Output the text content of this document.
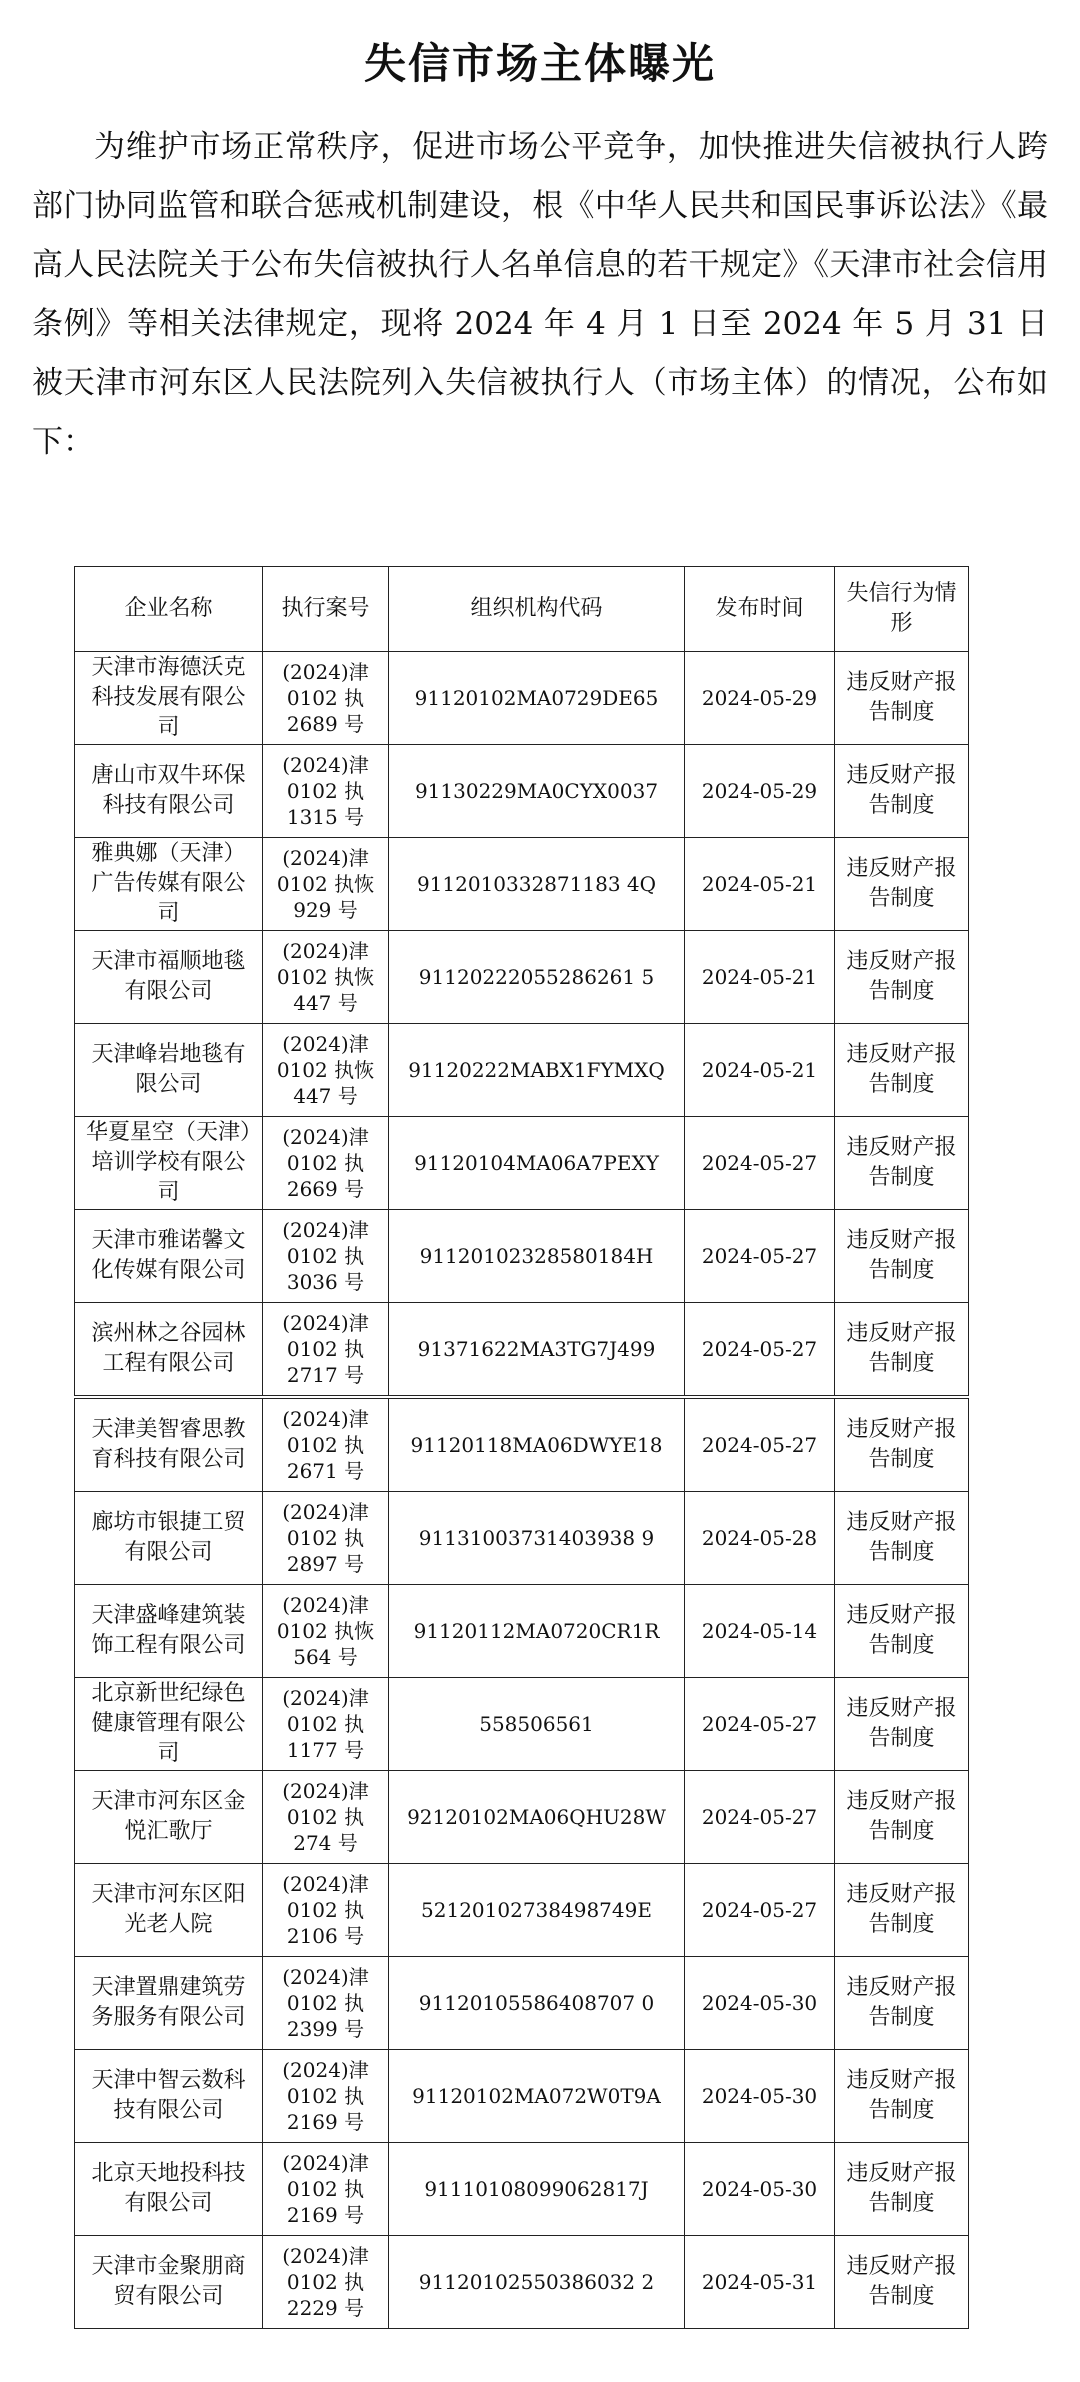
失信市场主体曝光

为维护市场正常秩序，促进市场公平竞争，加快推进失信被执行人跨部门协同监管和联合惩戒机制建设，根《中华人民共和国民事诉讼法》《最高人民法院关于公布失信被执行人名单信息的若干规定》《天津市社会信用条例》等相关法律规定，现将 2024 年 4 月 1 日至 2024 年 5 月 31 日被天津市河东区人民法院列入失信被执行人（市场主体）的情况，公布如下：

企业名称	执行案号	组织机构代码	发布时间	失信行为情形
天津市海德沃克科技发展有限公司	(2024)津 0102 执 2689 号	91120102MA0729DE65	2024-05-29	违反财产报告制度
唐山市双牛环保科技有限公司	(2024)津 0102 执 1315 号	91130229MA0CYX0037	2024-05-29	违反财产报告制度
雅典娜（天津）广告传媒有限公司	(2024)津 0102 执恢 929 号	9112010332871183 4Q	2024-05-21	违反财产报告制度
天津市福顺地毯有限公司	(2024)津 0102 执恢 447 号	91120222055286261 5	2024-05-21	违反财产报告制度
天津峰岩地毯有限公司	(2024)津 0102 执恢 447 号	91120222MABX1FYMXQ	2024-05-21	违反财产报告制度
华夏星空（天津）培训学校有限公司	(2024)津 0102 执 2669 号	91120104MA06A7PEXY	2024-05-27	违反财产报告制度
天津市雅诺馨文化传媒有限公司	(2024)津 0102 执 3036 号	91120102328580184H	2024-05-27	违反财产报告制度
滨州林之谷园林工程有限公司	(2024)津 0102 执 2717 号	91371622MA3TG7J499	2024-05-27	违反财产报告制度
天津美智睿思教育科技有限公司	(2024)津 0102 执 2671 号	91120118MA06DWYE18	2024-05-27	违反财产报告制度
廊坊市银捷工贸有限公司	(2024)津 0102 执 2897 号	91131003731403938 9	2024-05-28	违反财产报告制度
天津盛峰建筑装饰工程有限公司	(2024)津 0102 执恢 564 号	91120112MA0720CR1R	2024-05-14	违反财产报告制度
北京新世纪绿色健康管理有限公司	(2024)津 0102 执 1177 号	558506561	2024-05-27	违反财产报告制度
天津市河东区金悦汇歌厅	(2024)津 0102 执 274 号	92120102MA06QHU28W	2024-05-27	违反财产报告制度
天津市河东区阳光老人院	(2024)津 0102 执 2106 号	52120102738498749E	2024-05-27	违反财产报告制度
天津置鼎建筑劳务服务有限公司	(2024)津 0102 执 2399 号	91120105586408707 0	2024-05-30	违反财产报告制度
天津中智云数科技有限公司	(2024)津 0102 执 2169 号	91120102MA072W0T9A	2024-05-30	违反财产报告制度
北京天地投科技有限公司	(2024)津 0102 执 2169 号	91110108099062817J	2024-05-30	违反财产报告制度
天津市金聚朋商贸有限公司	(2024)津 0102 执 2229 号	91120102550386032 2	2024-05-31	违反财产报告制度
